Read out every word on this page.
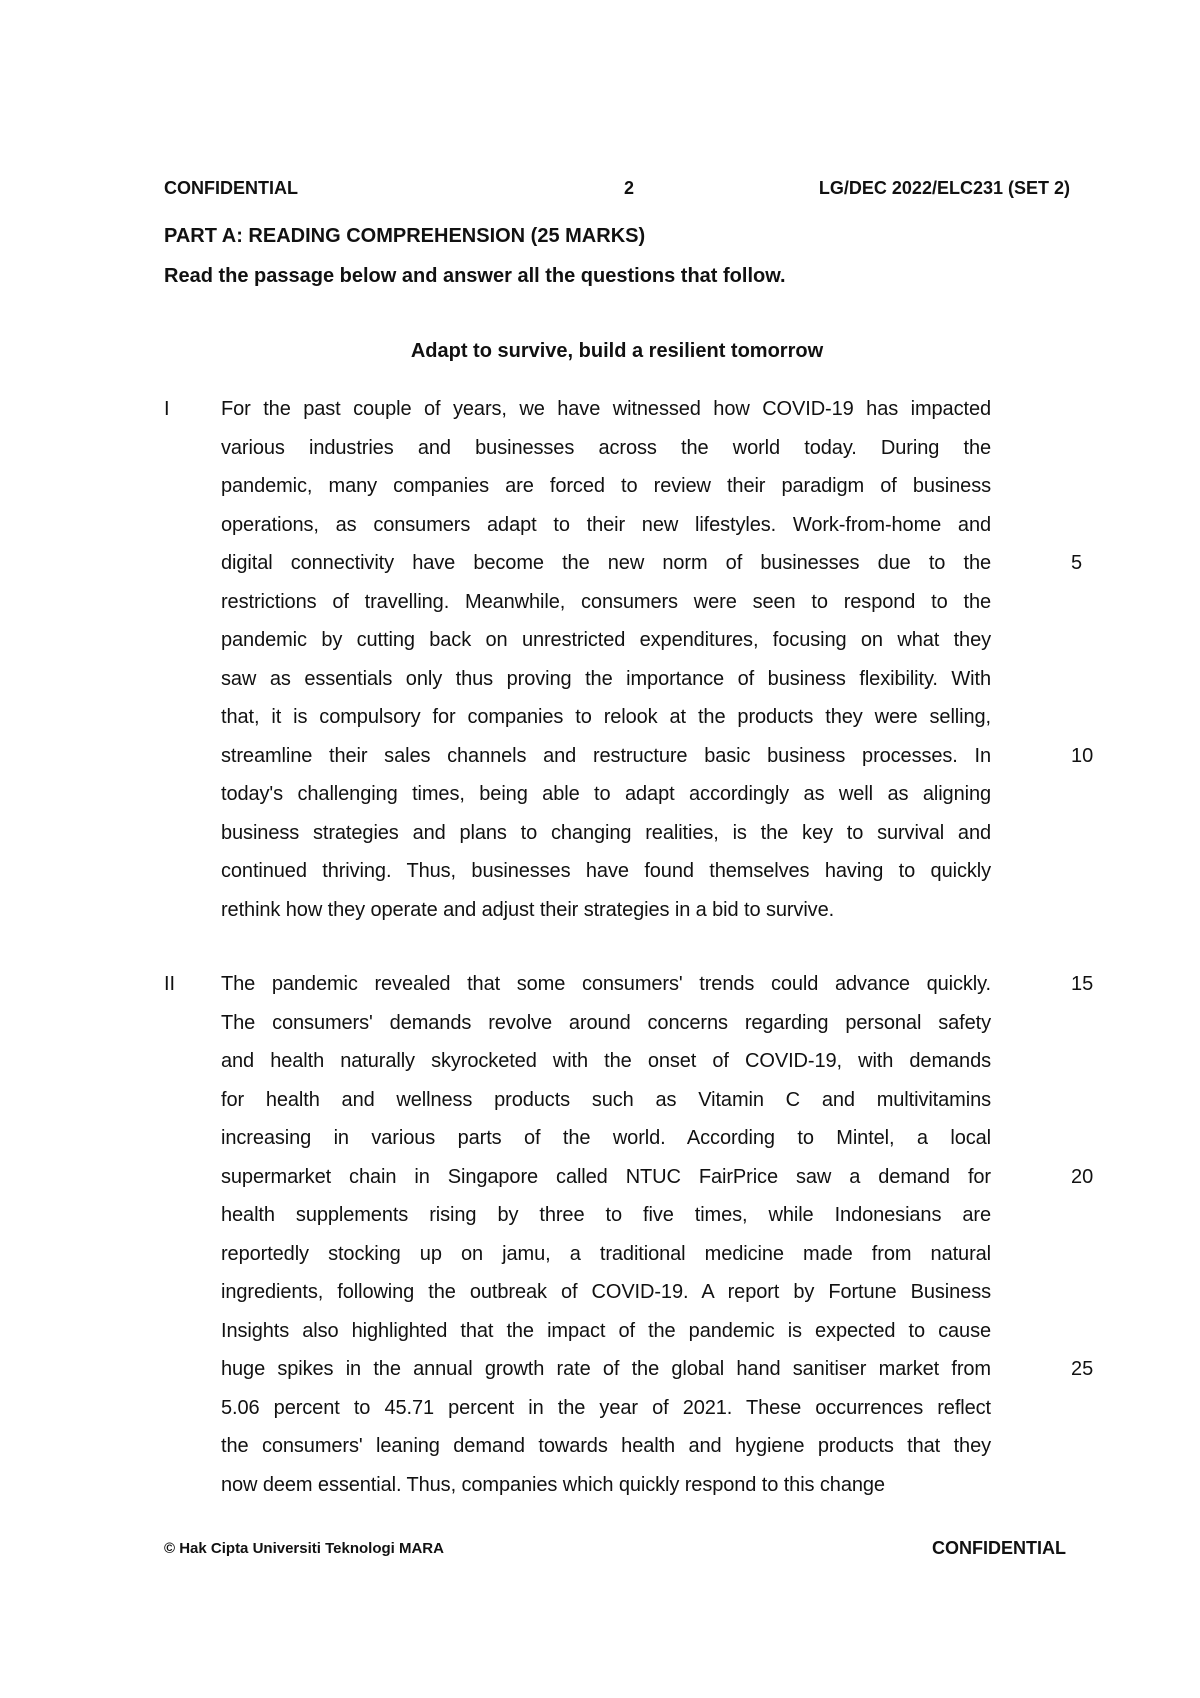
CONFIDENTIAL	2	LG/DEC 2022/ELC231 (SET 2)
PART A: READING COMPREHENSION (25 MARKS)
Read the passage below and answer all the questions that follow.
Adapt to survive, build a resilient tomorrow
I	For the past couple of years, we have witnessed how COVID-19 has impacted
various industries and businesses across the world today. During the
pandemic, many companies are forced to review their paradigm of business
operations, as consumers adapt to their new lifestyles. Work-from-home and
digital connectivity have become the new norm of businesses due to the	5
restrictions of travelling. Meanwhile, consumers were seen to respond to the
pandemic by cutting back on unrestricted expenditures, focusing on what they
saw as essentials only thus proving the importance of business flexibility. With
that, it is compulsory for companies to relook at the products they were selling,
streamline their sales channels and restructure basic business processes. In	10
today's challenging times, being able to adapt accordingly as well as aligning
business strategies and plans to changing realities, is the key to survival and
continued thriving. Thus, businesses have found themselves having to quickly
rethink how they operate and adjust their strategies in a bid to survive.
II The pandemic revealed that some consumers' trends could advance quickly.	15
The consumers' demands revolve around concerns regarding personal safety
and health naturally skyrocketed with the onset of COVID-19, with demands
for health and wellness products such as Vitamin C and multivitamins
increasing in various parts of the world. According to Mintel, a local
supermarket chain in Singapore called NTUC FairPrice saw a demand for	20
health supplements rising by three to five times, while Indonesians are
reportedly stocking up on jamu, a traditional medicine made from natural
ingredients, following the outbreak of COVID-19. A report by Fortune Business
Insights also highlighted that the impact of the pandemic is expected to cause
huge spikes in the annual growth rate of the global hand sanitiser market from	25
5.06 percent to 45.71 percent in the year of 2021. These occurrences reflect
the consumers' leaning demand towards health and hygiene products that they
now deem essential. Thus, companies which quickly respond to this change
© Hak Cipta Universiti Teknologi MARA	CONFIDENTIAL
